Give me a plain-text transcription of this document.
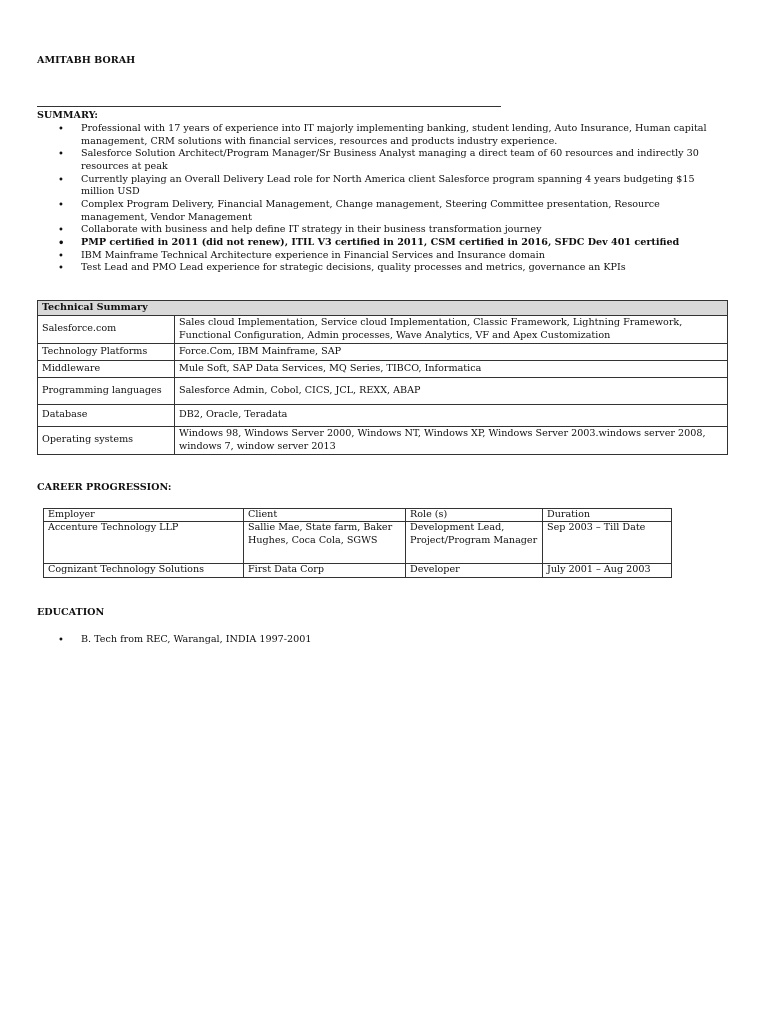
AMITABH BORAH
SUMMARY:
• Professional with 17 years of experience into IT majorly implementing banking, student lending, Auto Insurance, Human capital management, CRM solutions with financial services, resources and products industry experience.
• Salesforce Solution Architect/Program Manager/Sr Business Analyst managing a direct team of 60 resources and indirectly 30 resources at peak
• Currently playing an Overall Delivery Lead role for North America client Salesforce program spanning 4 years budgeting $15 million USD
• Complex Program Delivery, Financial Management, Change management, Steering Committee presentation, Resource management, Vendor Management
• Collaborate with business and help define IT strategy in their business transformation journey
• PMP certified in 2011 (did not renew), ITIL V3 certified in 2011, CSM certified in 2016, SFDC Dev 401 certified
• IBM Mainframe Technical Architecture experience in Financial Services and Insurance domain
• Test Lead and PMO Lead experience for strategic decisions, quality processes and metrics, governance an KPIs
Technical Summary	
Salesforce.com	Sales cloud Implementation, Service cloud Implementation, Classic Framework, Lightning Framework, Functional Configuration, Admin processes, Wave Analytics, VF and Apex Customization
Technology Platforms	Force.Com, IBM Mainframe, SAP
Middleware	Mule Soft, SAP Data Services, MQ Series, TIBCO, Informatica
Programming languages	Salesforce Admin, Cobol, CICS, JCL, REXX, ABAP
Database	DB2, Oracle, Teradata
Operating systems	Windows 98, Windows Server 2000, Windows NT, Windows XP, Windows Server 2003.windows server 2008, windows 7, window server 2013
CAREER PROGRESSION:
Employer	Client	Role (s)	Duration
Accenture Technology LLP	Sallie Mae, State farm, Baker Hughes, Coca Cola, SGWS	Development Lead, Project/Program Manager	Sep 2003 – Till Date
Cognizant Technology Solutions	First Data Corp	Developer	July 2001 – Aug 2003
EDUCATION
• B. Tech from REC, Warangal, INDIA 1997-2001
